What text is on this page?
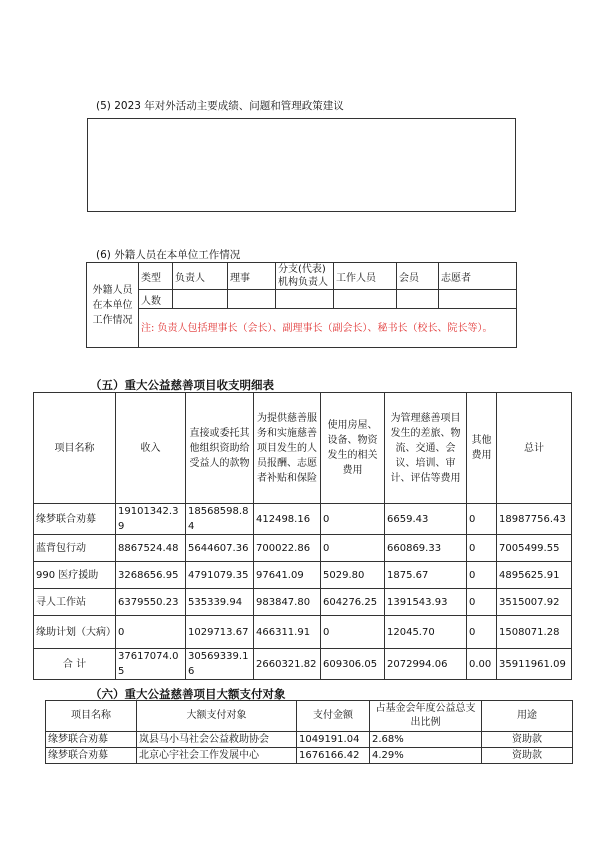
(5) 2023 年对外活动主要成绩、问题和管理政策建议
(6) 外籍人员在本单位工作情况
外籍人员在本单位工作情况	类型	负责人	理事	分支(代表)机构负责人	工作人员	会员	志愿者
	人数						
	注: 负责人包括理事长（会长）、副理事长（副会长）、秘书长（校长、院长等）。						
（五）重大公益慈善项目收支明细表
项目名称	收入	直接或委托其他组织资助给受益人的款物	为提供慈善服务和实施慈善项目发生的人员报酬、志愿者补贴和保险	使用房屋、设备、物资发生的相关费用	为管理慈善项目发生的差旅、物流、交通、会议、培训、审计、评估等费用	其他费用	总计
缘梦联合劝募	19101342.39	18568598.84	412498.16	0	6659.43	0	18987756.43
蓝背包行动	8867524.48	5644607.36	700022.86	0	660869.33	0	7005499.55
990 医疗援助	3268656.95	4791079.35	97641.09	5029.80	1875.67	0	4895625.91
寻人工作站	6379550.23	535339.94	983847.80	604276.25	1391543.93	0	3515007.92
缘助计划（大病）	0	1029713.67	466311.91	0	12045.70	0	1508071.28
合 计	37617074.05	30569339.16	2660321.82	609306.05	2072994.06	0.00	35911961.09
（六）重大公益慈善项目大额支付对象
项目名称	大额支付对象	支付金额	占基金会年度公益总支出比例	用途
缘梦联合劝募	岚县马小马社会公益救助协会	1049191.04	2.68%	资助款
缘梦联合劝募	北京心宇社会工作发展中心	1676166.42	4.29%	资助款
